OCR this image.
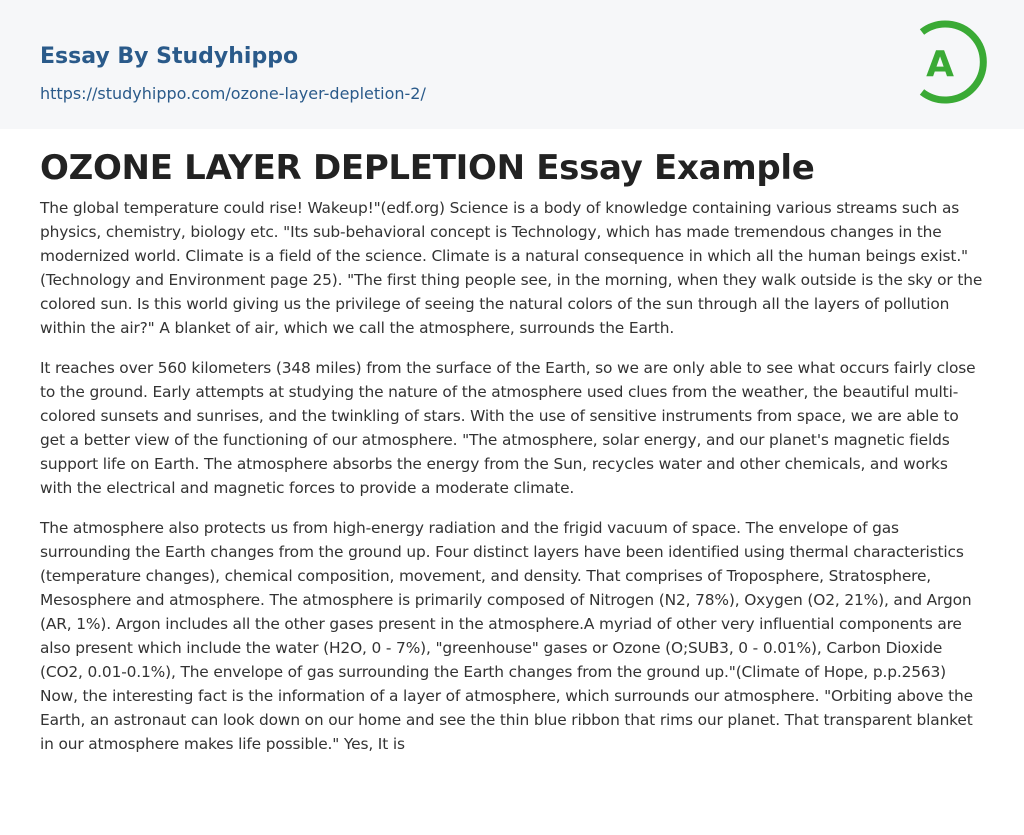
Essay By Studyhippo
https://studyhippo.com/ozone-layer-depletion-2/
A
OZONE LAYER DEPLETION Essay Example

The global temperature could rise! Wakeup!"(edf.org) Science is a body of knowledge containing various streams such as physics, chemistry, biology etc. "Its sub-behavioral concept is Technology, which has made tremendous changes in the modernized world. Climate is a field of the science. Climate is a natural consequence in which all the human beings exist."(Technology and Environment page 25). "The first thing people see, in the morning, when they walk outside is the sky or the colored sun. Is this world giving us the privilege of seeing the natural colors of the sun through all the layers of pollution within the air?" A blanket of air, which we call the atmosphere, surrounds the Earth.

It reaches over 560 kilometers (348 miles) from the surface of the Earth, so we are only able to see what occurs fairly close to the ground. Early attempts at studying the nature of the atmosphere used clues from the weather, the beautiful multi-colored sunsets and sunrises, and the twinkling of stars. With the use of sensitive instruments from space, we are able to get a better view of the functioning of our atmosphere. "The atmosphere, solar energy, and our planet's magnetic fields support life on Earth. The atmosphere absorbs the energy from the Sun, recycles water and other chemicals, and works with the electrical and magnetic forces to provide a moderate climate.

The atmosphere also protects us from high-energy radiation and the frigid vacuum of space. The envelope of gas surrounding the Earth changes from the ground up. Four distinct layers have been identified using thermal characteristics (temperature changes), chemical composition, movement, and density. That comprises of Troposphere, Stratosphere, Mesosphere and atmosphere. The atmosphere is primarily composed of Nitrogen (N2, 78%), Oxygen (O2, 21%), and Argon (AR, 1%). Argon includes all the other gases present in the atmosphere.A myriad of other very influential components are also present which include the water (H2O, 0 - 7%), "greenhouse" gases or Ozone (O;SUB3, 0 - 0.01%), Carbon Dioxide (CO2, 0.01-0.1%), The envelope of gas surrounding the Earth changes from the ground up."(Climate of Hope, p.p.2563) Now, the interesting fact is the information of a layer of atmosphere, which surrounds our atmosphere. "Orbiting above the Earth, an astronaut can look down on our home and see the thin blue ribbon that rims our planet. That transparent blanket in our atmosphere makes life possible." Yes, It is
